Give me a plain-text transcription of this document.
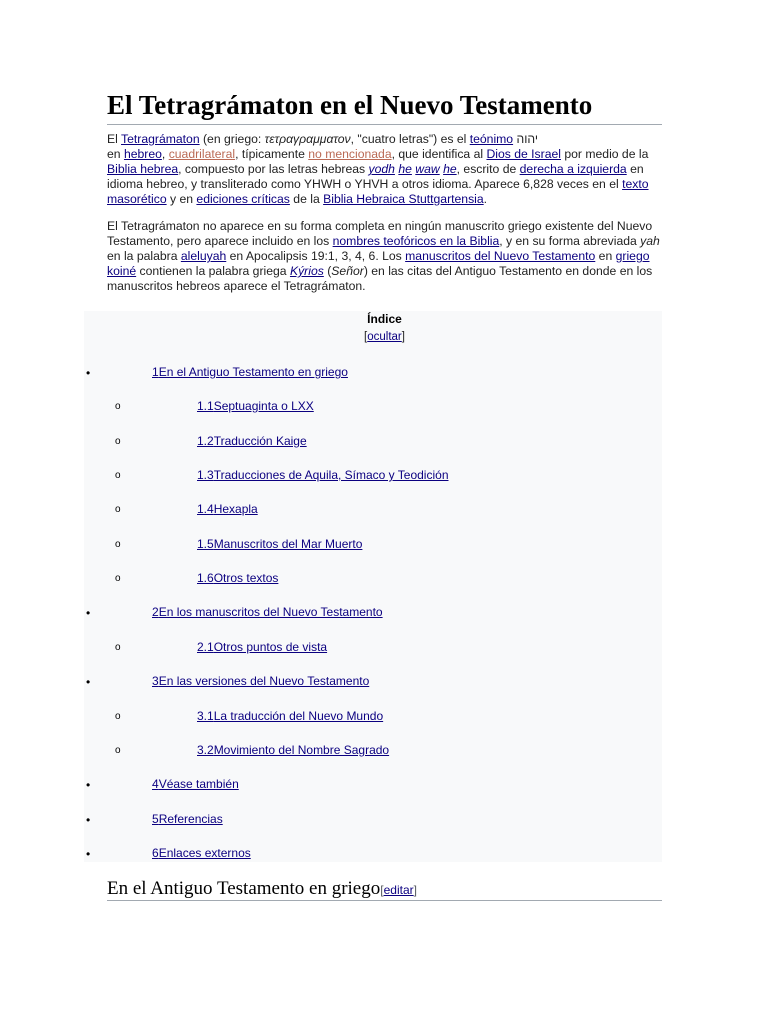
El Tetragrámaton en el Nuevo Testamento

El Tetragrámaton (en griego: τετραγραμματον, "cuatro letras") es el teónimo יהוה
en hebreo, cuadrilateral, típicamente no mencionada, que identifica al Dios de Israel por medio de la Biblia hebrea, compuesto por las letras hebreas yodh he waw he, escrito de derecha a izquierda en idioma hebreo, y transliterado como YHWH o YHVH a otros idioma. Aparece 6,828 veces en el texto masorético y en ediciones críticas de la Biblia Hebraica Stuttgartensia.

El Tetragrámaton no aparece en su forma completa en ningún manuscrito griego existente del Nuevo Testamento, pero aparece incluido en los nombres teofóricos en la Biblia, y en su forma abreviada yah en la palabra aleluyah en Apocalipsis 19:1, 3, 4, 6. Los manuscritos del Nuevo Testamento en griego koiné contienen la palabra griega Kýrios (Señor) en las citas del Antiguo Testamento en donde en los manuscritos hebreos aparece el Tetragrámaton.

Índice
[ocultar]
•	1En el Antiguo Testamento en griego
o	1.1Septuaginta o LXX
o	1.2Traducción Kaige
o	1.3Traducciones de Aquila, Símaco y Teodición
o	1.4Hexapla
o	1.5Manuscritos del Mar Muerto
o	1.6Otros textos
•	2En los manuscritos del Nuevo Testamento
o	2.1Otros puntos de vista
•	3En las versiones del Nuevo Testamento
o	3.1La traducción del Nuevo Mundo
o	3.2Movimiento del Nombre Sagrado
•	4Véase también
•	5Referencias
•	6Enlaces externos
En el Antiguo Testamento en griego[editar]
